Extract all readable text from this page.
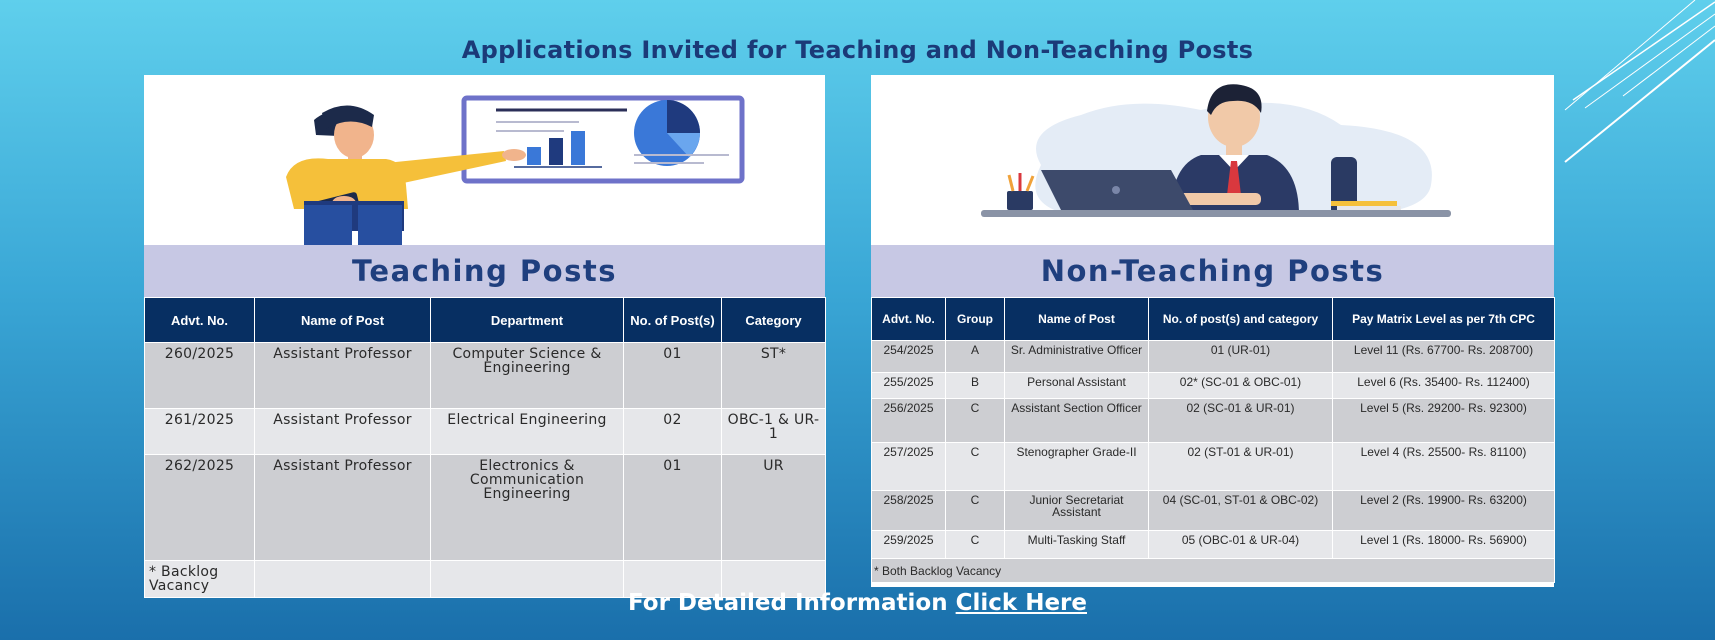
Applications Invited for Teaching and Non-Teaching Posts
Teaching Posts
Advt. No.	Name of Post	Department	No. of Post(s)	Category
260/2025	Assistant Professor	Computer Science & Engineering	01	ST*
261/2025	Assistant Professor	Electrical Engineering	02	OBC-1 & UR-1
262/2025	Assistant Professor	Electronics & Communication Engineering	01	UR
* Backlog Vacancy				
Non-Teaching Posts
Advt. No.	Group	Name of Post	No. of post(s) and category	Pay Matrix Level as per 7th CPC
254/2025	A	Sr. Administrative Officer	01 (UR-01)	Level 11 (Rs. 67700- Rs. 208700)
255/2025	B	Personal Assistant	02* (SC-01 & OBC-01)	Level 6 (Rs. 35400- Rs. 112400)
256/2025	C	Assistant Section Officer	02 (SC-01 & UR-01)	Level 5 (Rs. 29200- Rs. 92300)
257/2025	C	Stenographer Grade-II	02 (ST-01 & UR-01)	Level 4 (Rs. 25500- Rs. 81100)
258/2025	C	Junior Secretariat Assistant	04 (SC-01, ST-01 & OBC-02)	Level 2 (Rs. 19900- Rs. 63200)
259/2025	C	Multi-Tasking Staff	05 (OBC-01 & UR-04)	Level 1 (Rs. 18000- Rs. 56900)
* Both Backlog Vacancy				
For Detailed Information Click Here
